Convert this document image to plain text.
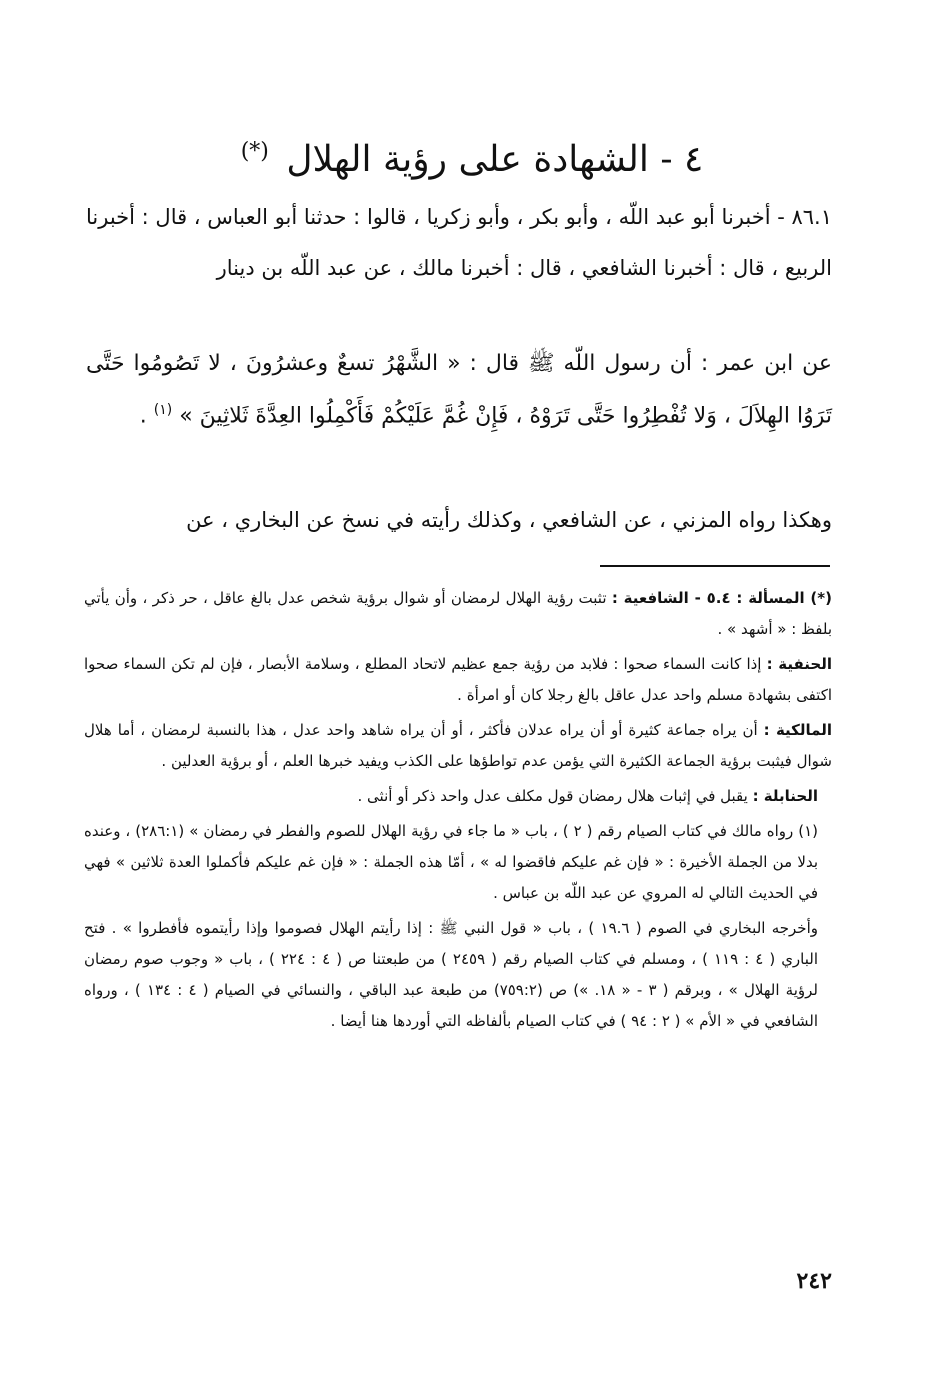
٤ - الشهادة على رؤية الهلال (*)

٨٦.١ - أخبرنا أبو عبد اللّه ، وأبو بكر ، وأبو زكريا ، قالوا : حدثنا أبو العباس ، قال : أخبرنا الربيع ، قال : أخبرنا الشافعي ، قال : أخبرنا مالك ، عن عبد اللّه بن دينار

عن ابن عمر : أن رسول اللّه ﷺ قال : « الشَّهْرُ تسعٌ وعشرُونَ ، لا تَصُومُوا حَتَّى تَرَوُا الهِلاَلَ ، وَلا تُفْطِرُوا حَتَّى تَرَوْهُ ، فَإِنْ غُمَّ عَلَيْكُمْ فَأَكْمِلُوا العِدَّةَ ثَلاثِينَ » $^{(١)}$ .

وهكذا رواه المزني ، عن الشافعي ، وكذلك رأيته في نسخ عن البخاري ، عن

(*) المسألة : ٥.٤ - الشافعية : تثبت رؤية الهلال لرمضان أو شوال برؤية شخص عدل بالغ عاقل ، حر ذكر ، وأن يأتي بلفظ : « أشهد » .

الحنفية : إذا كانت السماء صحوا : فلابد من رؤية جمع عظيم لاتحاد المطلع ، وسلامة الأبصار ، فإن لم تكن السماء صحوا اكتفى بشهادة مسلم واحد عدل عاقل بالغ رجلا كان أو امرأة .

المالكية : أن يراه جماعة كثيرة أو أن يراه عدلان فأكثر ، أو أن يراه شاهد واحد عدل ، هذا بالنسبة لرمضان ، أما هلال شوال فيثبت برؤية الجماعة الكثيرة التي يؤمن عدم تواطؤها على الكذب ويفيد خبرها العلم ، أو برؤية العدلين .

الحنابلة : يقبل في إثبات هلال رمضان قول مكلف عدل واحد ذكر أو أنثى .

(١) رواه مالك في كتاب الصيام رقم ( ٢ ) ، باب « ما جاء في رؤية الهلال للصوم والفطر في رمضان » (٢٨٦:١) ، وعنده بدلا من الجملة الأخيرة : « فإن غم عليكم فاقضوا له » ، أمّا هذه الجملة : « فإن غم عليكم فأكملوا العدة ثلاثين » فهي في الحديث التالي له المروي عن عبد اللّه بن عباس .

وأخرجه البخاري في الصوم ( ١٩.٦ ) ، باب « قول النبي ﷺ : إذا رأيتم الهلال فصوموا وإذا رأيتموه فأفطروا » . فتح الباري ( ٤ : ١١٩ ) ، ومسلم في كتاب الصيام رقم ( ٢٤٥٩ ) من طبعتنا ص ( ٤ : ٢٢٤ ) ، باب « وجوب صوم رمضان لرؤية الهلال » ، وبرقم ( ٣ - « ١٨. ») ص (٧٥٩:٢) من طبعة عبد الباقي ، والنسائي في الصيام ( ٤ : ١٣٤ ) ، ورواه الشافعي في « الأم » ( ٢ : ٩٤ ) في كتاب الصيام بألفاظه التي أوردها هنا أيضا .

٢٤٢
